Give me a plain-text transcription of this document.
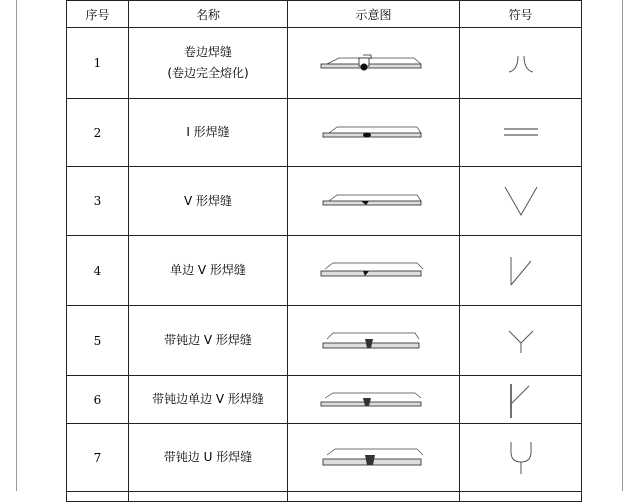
序号	名称	示意图	符号
1	卷边焊缝
(卷边完全熔化)

2	I 形焊缝	

3	V 形焊缝	

4	单边 V 形焊缝	

5	带钝边 V 形焊缝	

6	带钝边单边 V 形焊缝	

7	带钝边 U 形焊缝	
